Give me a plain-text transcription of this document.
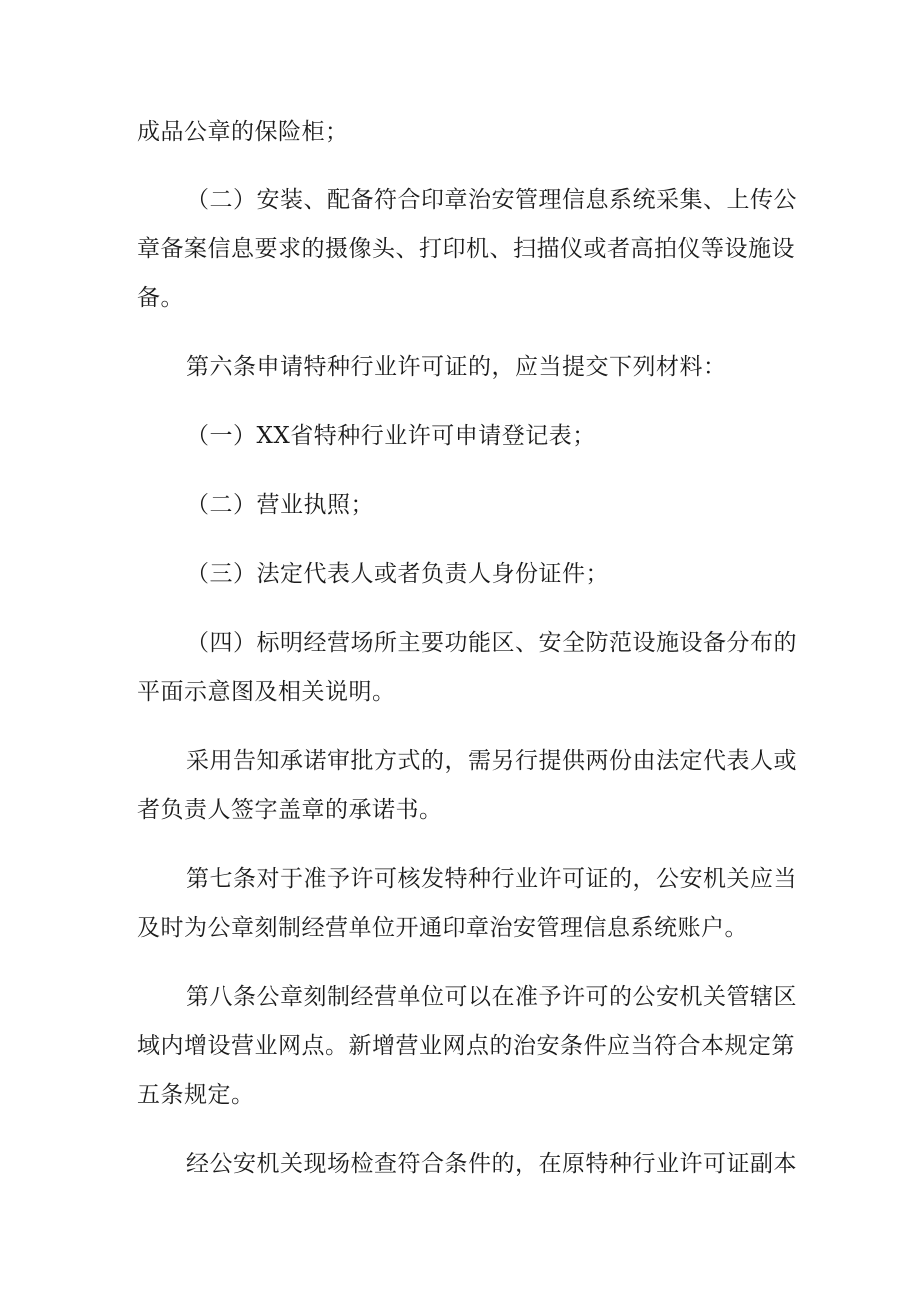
成品公章的保险柜；
（二）安装、配备符合印章治安管理信息系统采集、上传公
章备案信息要求的摄像头、打印机、扫描仪或者高拍仪等设施设
备。
第六条申请特种行业许可证的，应当提交下列材料：
（一）XX省特种行业许可申请登记表；
（二）营业执照；
（三）法定代表人或者负责人身份证件；
（四）标明经营场所主要功能区、安全防范设施设备分布的
平面示意图及相关说明。
采用告知承诺审批方式的，需另行提供两份由法定代表人或
者负责人签字盖章的承诺书。
第七条对于准予许可核发特种行业许可证的，公安机关应当
及时为公章刻制经营单位开通印章治安管理信息系统账户。
第八条公章刻制经营单位可以在准予许可的公安机关管辖区
域内增设营业网点。新增营业网点的治安条件应当符合本规定第
五条规定。
经公安机关现场检查符合条件的，在原特种行业许可证副本
